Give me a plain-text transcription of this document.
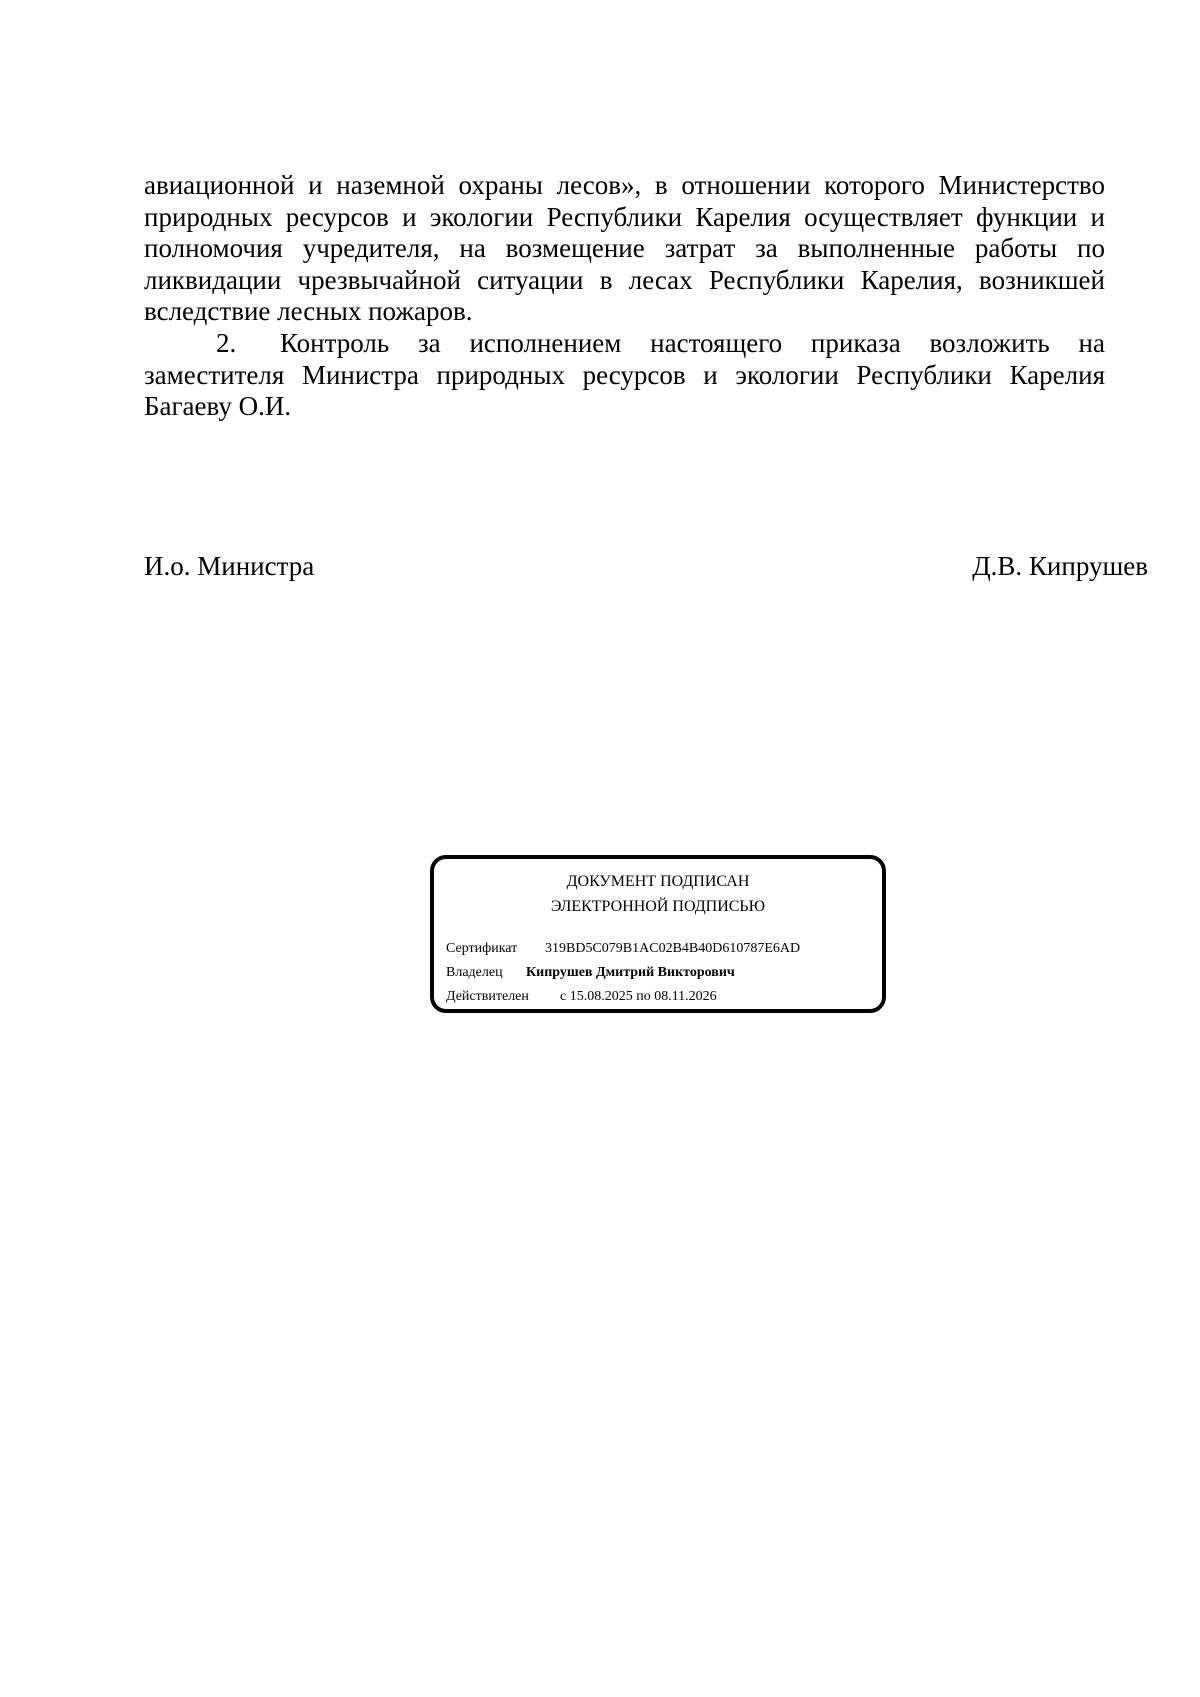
авиационной и наземной охраны лесов», в отношении которого Министерство природных ресурсов и экологии Республики Карелия осуществляет функции и полномочия учредителя, на возмещение затрат за выполненные работы по ликвидации чрезвычайной ситуации в лесах Республики Карелия, возникшей вследствие лесных пожаров.

2. Контроль за исполнением настоящего приказа возложить на заместителя Министра природных ресурсов и экологии Республики Карелия Багаеву О.И.

И.о. Министра	Д.В. Кипрушев
ДОКУМЕНТ ПОДПИСАН
ЭЛЕКТРОННОЙ ПОДПИСЬЮ
Сертификат 319BD5C079B1AC02B4B40D610787E6AD
Владелец Кипрушев Дмитрий Викторович
Действителен с 15.08.2025 по 08.11.2026
